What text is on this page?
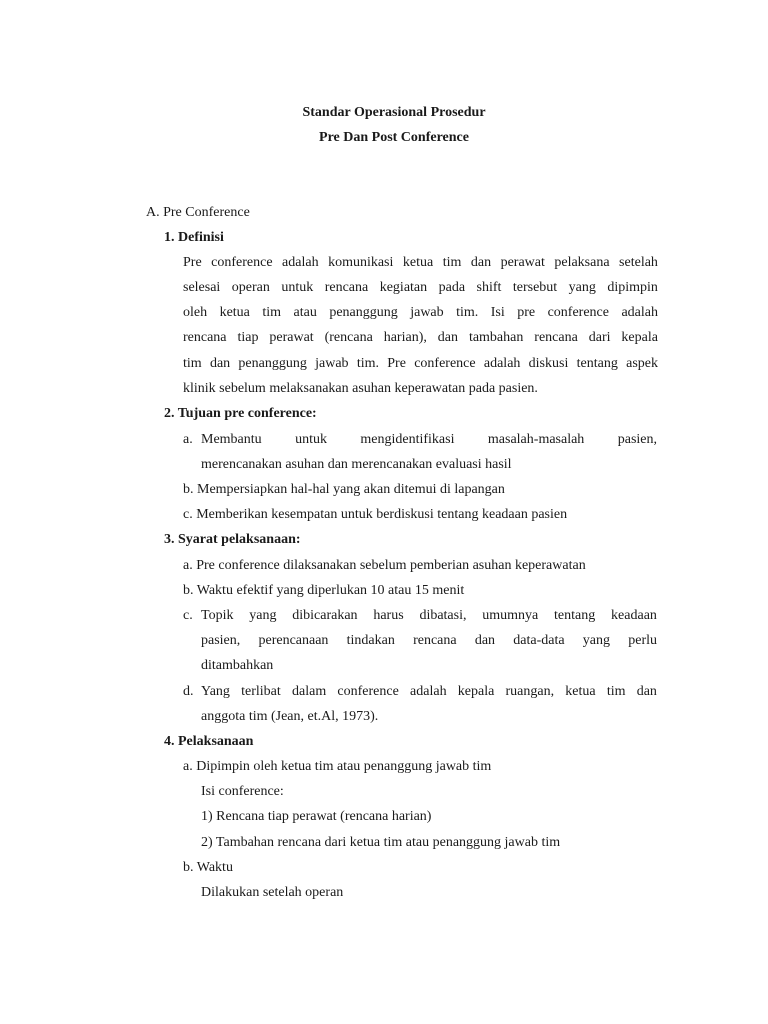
Standar Operasional Prosedur
Pre Dan Post Conference
A. Pre Conference
1. Definisi
Pre conference adalah komunikasi ketua tim dan perawat pelaksana setelah
selesai operan untuk rencana kegiatan pada shift tersebut yang dipimpin
oleh ketua tim atau penanggung jawab tim. Isi pre conference adalah
rencana tiap perawat (rencana harian), dan tambahan rencana dari kepala
tim dan penanggung jawab tim. Pre conference adalah diskusi tentang aspek
klinik sebelum melaksanakan asuhan keperawatan pada pasien.
2. Tujuan pre conference:
a. Membantu untuk mengidentifikasi masalah-masalah pasien,
merencanakan asuhan dan merencanakan evaluasi hasil
b. Mempersiapkan hal-hal yang akan ditemui di lapangan
c. Memberikan kesempatan untuk berdiskusi tentang keadaan pasien
3. Syarat pelaksanaan:
a. Pre conference dilaksanakan sebelum pemberian asuhan keperawatan
b. Waktu efektif yang diperlukan 10 atau 15 menit
c. Topik yang dibicarakan harus dibatasi, umumnya tentang keadaan
pasien, perencanaan tindakan rencana dan data-data yang perlu
ditambahkan
d. Yang terlibat dalam conference adalah kepala ruangan, ketua tim dan
anggota tim (Jean, et.Al, 1973).
4. Pelaksanaan
a. Dipimpin oleh ketua tim atau penanggung jawab tim
Isi conference:
1) Rencana tiap perawat (rencana harian)
2) Tambahan rencana dari ketua tim atau penanggung jawab tim
b. Waktu
Dilakukan setelah operan
